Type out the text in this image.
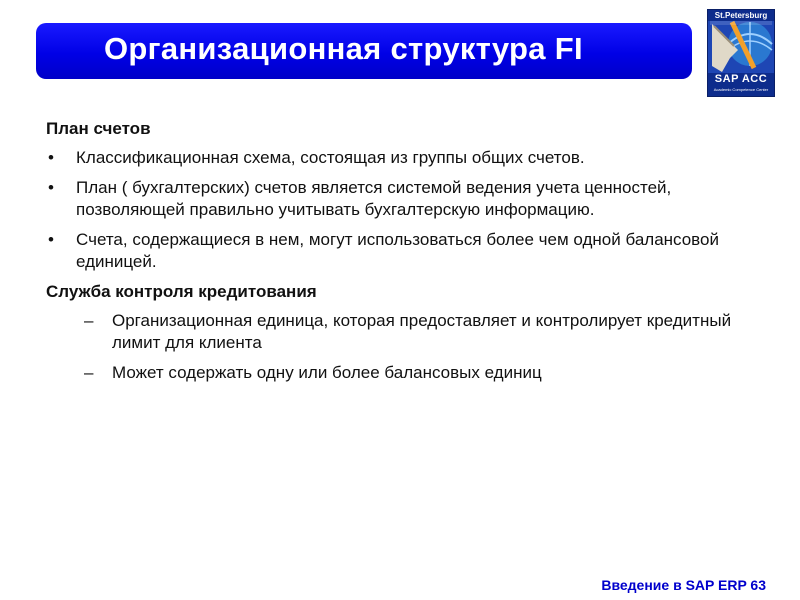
Организационная структура FI
St.Petersburg
SAP ACC
Academic Competence Center
План счетов
• Классификационная схема, состоящая из группы общих счетов.
• План ( бухгалтерских) счетов является системой ведения учета ценностей, позволяющей правильно учитывать бухгалтерскую информацию.
• Счета, содержащиеся в нем, могут использоваться более чем одной балансовой единицей.
Служба контроля кредитования
– Организационная единица, которая предоставляет и контролирует кредитный лимит для клиента
– Может содержать одну или более балансовых единиц
Введение в SAP ERP 63
